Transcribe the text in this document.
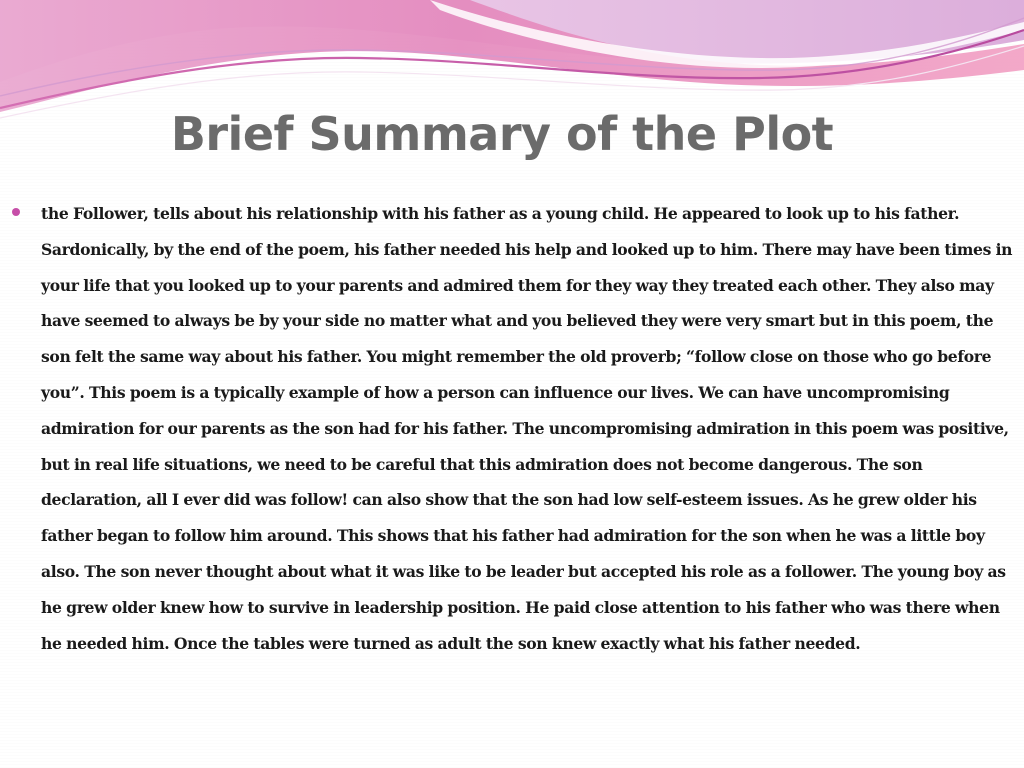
Brief Summary of the Plot
the Follower, tells about his relationship with his father as a young child. He appeared to look up to his father. Sardonically, by the end of the poem, his father needed his help and looked up to him. There may have been times in your life that you looked up to your parents and admired them for they way they treated each other. They also may have seemed to always be by your side no matter what and you believed they were very smart but in this poem, the son felt the same way about his father. You might remember the old proverb; “follow close on those who go before you”. This poem is a typically example of how a person can influence our lives. We can have uncompromising admiration for our parents as the son had for his father. The uncompromising admiration in this poem was positive, but in real life situations, we need to be careful that this admiration does not become dangerous. The son declaration, all I ever did was follow! can also show that the son had low self-esteem issues. As he grew older his father began to follow him around. This shows that his father had admiration for the son when he was a little boy also. The son never thought about what it was like to be leader but accepted his role as a follower. The young boy as he grew older knew how to survive in leadership position. He paid close attention to his father who was there when he needed him. Once the tables were turned as adult the son knew exactly what his father needed.
